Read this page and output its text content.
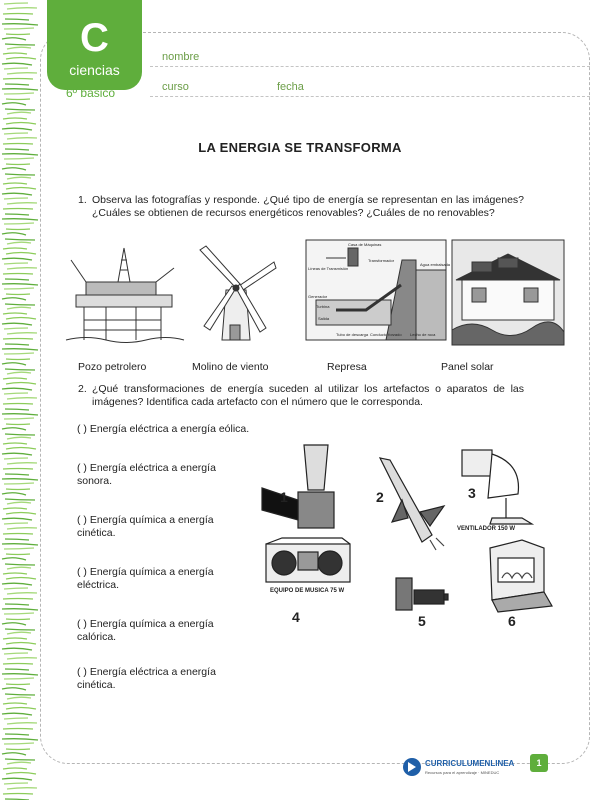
C
ciencias
6º básico
nombre
curso	fecha
LA ENERGIA SE TRANSFORMA
1. Observa las fotografías y responde. ¿Qué tipo de energía se representan en las imágenes? ¿Cuáles se obtienen de recursos energéticos renovables? ¿Cuáles de no renovables?
Casa de Máquinas
Líneas de Transmisión
Transformador
Agua embalsada
Generador
Turbina
Salida
Tubo de descarga Conducto forzado Lecho de roca
Pozo petrolero	Molino de viento	Represa	Panel solar
2. ¿Qué transformaciones de energía suceden al utilizar los artefactos o aparatos de las imágenes? Identifica cada artefacto con el número que le corresponda.
( ) Energía eléctrica a energía eólica.
( ) Energía eléctrica a energía sonora.
( ) Energía química a energía cinética.
( ) Energía química a energía eléctrica.
( ) Energía química a energía calórica.
( ) Energía eléctrica a energía cinética.
1	2	3
VENTILADOR 150 W
EQUIPO DE MUSICA 75 W
4	5	6
CURRICULUMENLINEA
Recursos para el aprendizaje · MINEDUC
1
